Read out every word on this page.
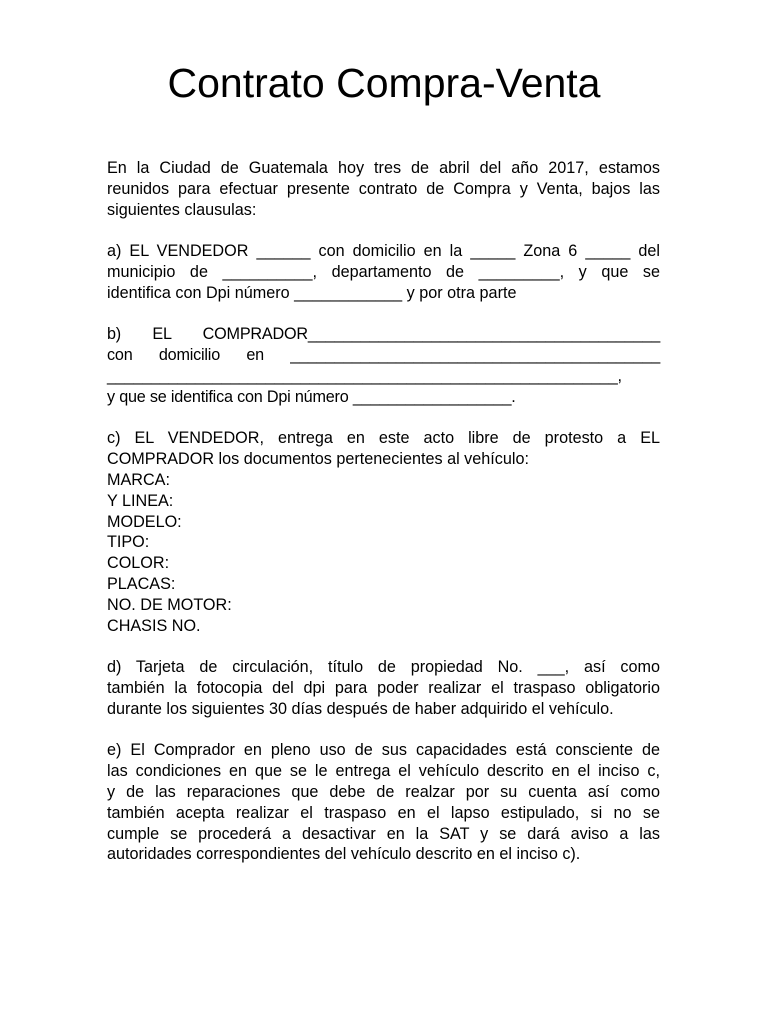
Contrato Compra-Venta

En la Ciudad de Guatemala hoy tres de abril del año 2017, estamos
reunidos para efectuar presente contrato de Compra y Venta, bajos las
siguientes clausulas:

a) EL VENDEDOR ______ con domicilio en la _____ Zona 6 _____ del
municipio de __________, departamento de _________, y que se
identifica con Dpi número ____________ y por otra parte

b) EL COMPRADOR________________________________________
con domicilio en __________________________________________
__________________________________________________________,
y que se identifica con Dpi número __________________.

c) EL VENDEDOR, entrega en este acto libre de protesto a EL
COMPRADOR los documentos pertenecientes al vehículo:
MARCA:
Y LINEA:
MODELO:
TIPO:
COLOR:
PLACAS:
NO. DE MOTOR:
CHASIS NO.

d) Tarjeta de circulación, título de propiedad No. ___, así como
también la fotocopia del dpi para poder realizar el traspaso obligatorio
durante los siguientes 30 días después de haber adquirido el vehículo.

e) El Comprador en pleno uso de sus capacidades está consciente de
las condiciones en que se le entrega el vehículo descrito en el inciso c,
y de las reparaciones que debe de realzar por su cuenta así como
también acepta realizar el traspaso en el lapso estipulado, si no se
cumple se procederá a desactivar en la SAT y se dará aviso a las
autoridades correspondientes del vehículo descrito en el inciso c).
